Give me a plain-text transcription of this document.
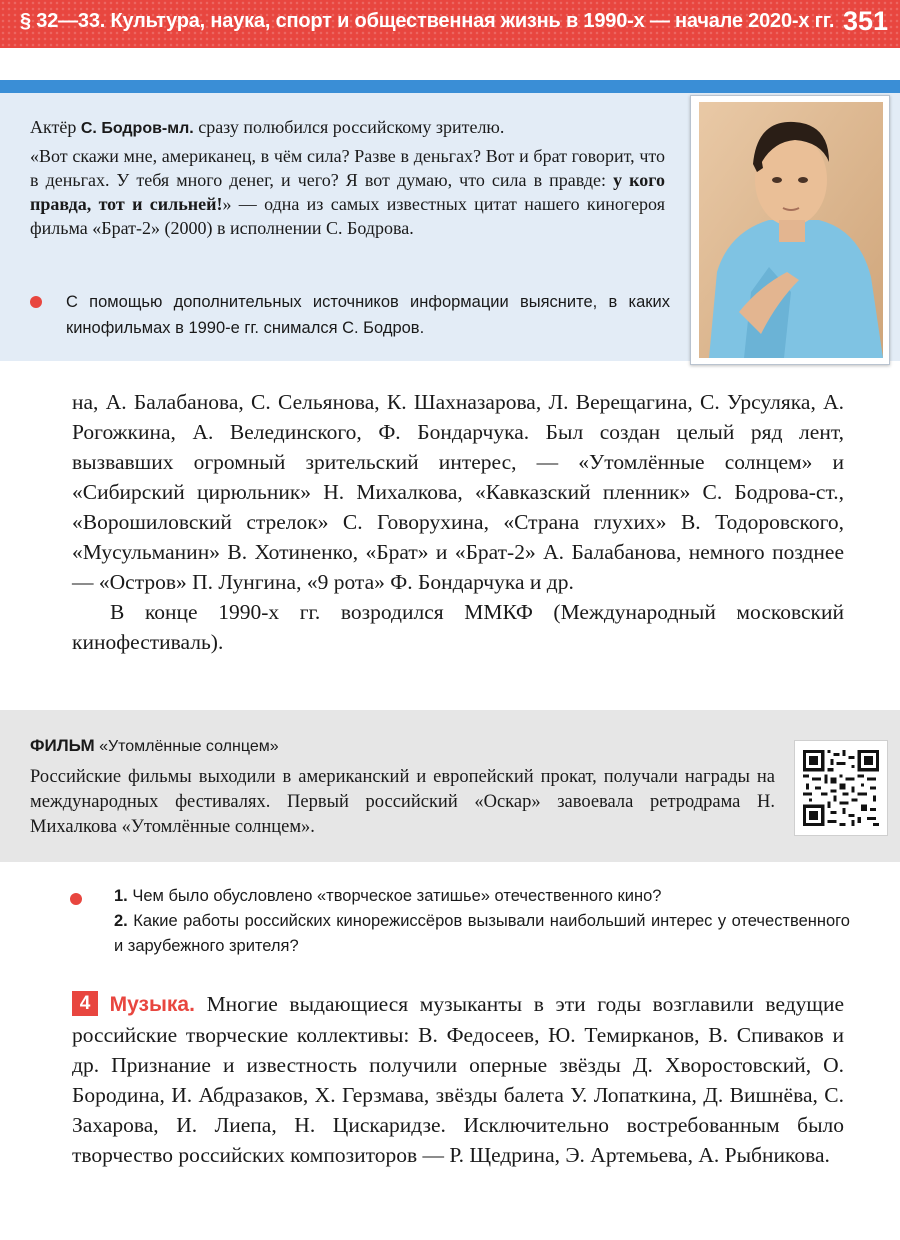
§ 32—33. Культура, наука, спорт и общественная жизнь в 1990-х — начале 2020-х гг. 351

Актёр С. Бодров-мл. сразу полюбился российскому зрителю.

«Вот скажи мне, американец, в чём сила? Разве в деньгах? Вот и брат говорит, что в деньгах. У тебя много денег, и чего? Я вот думаю, что сила в правде: у кого правда, тот и сильней!» — одна из самых известных цитат нашего киногероя фильма «Брат-2» (2000) в исполнении С. Бодрова.

С помощью дополнительных источников информации выясните, в каких кинофильмах в 1990-е гг. снимался С. Бодров.

на, А. Балабанова, С. Сельянова, К. Шахназарова, Л. Верещагина, С. Урсуляка, А. Рогожкина, А. Велединского, Ф. Бондарчука. Был создан целый ряд лент, вызвавших огромный зрительский интерес, — «Утомлённые солнцем» и «Сибирский цирюльник» Н. Михалкова, «Кавказский пленник» С. Бодрова-ст., «Ворошиловский стрелок» С. Говорухина, «Страна глухих» В. Тодоровского, «Мусульманин» В. Хотиненко, «Брат» и «Брат-2» А. Балабанова, немного позднее — «Остров» П. Лунгина, «9 рота» Ф. Бондарчука и др.

В конце 1990-х гг. возродился ММКФ (Международный московский кинофестиваль).

ФИЛЬМ «Утомлённые солнцем»

Российские фильмы выходили в американский и европейский прокат, получали награды на международных фестивалях. Первый российский «Оскар» завоевала ретродрама Н. Михалкова «Утомлённые солнцем».

1. Чем было обусловлено «творческое затишье» отечественного кино?

2. Какие работы российских кинорежиссёров вызывали наибольший интерес у отечественного и зарубежного зрителя?

4 Музыка. Многие выдающиеся музыканты в эти годы возглавили ведущие российские творческие коллективы: В. Федосеев, Ю. Темирканов, В. Спиваков и др. Признание и известность получили оперные звёзды Д. Хворостовский, О. Бородина, И. Абдразаков, Х. Герзмава, звёзды балета У. Лопаткина, Д. Вишнёва, С. Захарова, И. Лиепа, Н. Цискаридзе. Исключительно востребованным было творчество российских композиторов — Р. Щедрина, Э. Артемьева, А. Рыбникова.
